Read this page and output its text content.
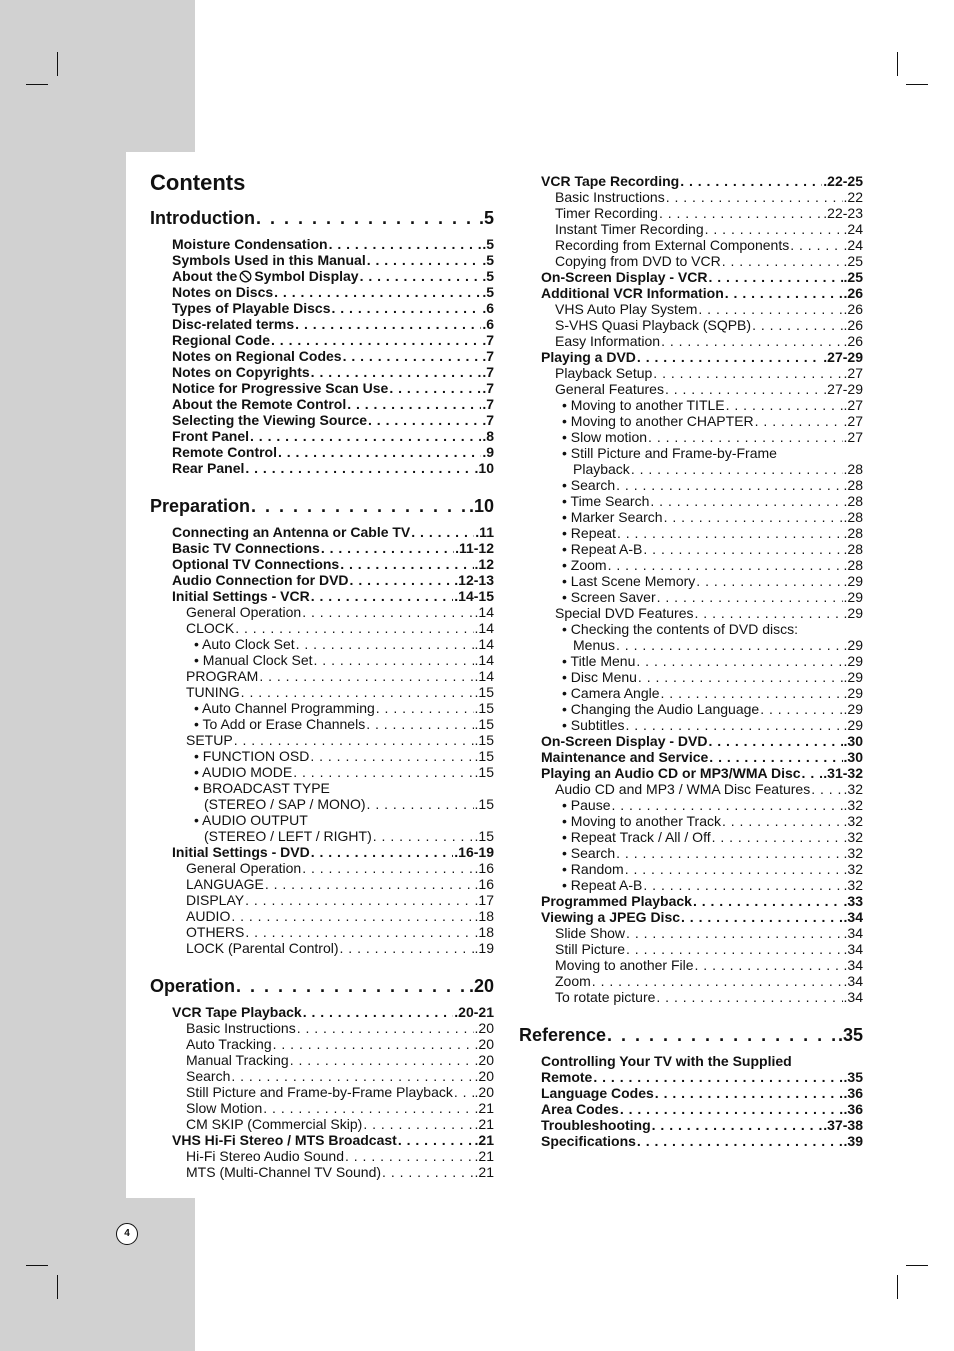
Contents
Introduction . . .	.5
Moisture Condensation . . .	.5
Symbols Used in this Manual . . .	.5
About the Symbol Display . . .	.5
Notes on Discs . . .	.5
Types of Playable Discs . . .	.6
Disc-related terms . . .	.6
Regional Code . . .	.7
Notes on Regional Codes . . .	.7
Notes on Copyrights . . .	.7
Notice for Progressive Scan Use . . .	.7
About the Remote Control . . .	.7
Selecting the Viewing Source . . .	.7
Front Panel . . .	.8
Remote Control . . .	.9
Rear Panel . . .	.10
Preparation . . .	.10
Connecting an Antenna or Cable TV . . .	.11
Basic TV Connections . . .	.11-12
Optional TV Connections . . .	.12
Audio Connection for DVD . . .	.12-13
Initial Settings - VCR . . .	.14-15
General Operation . . .	.14
CLOCK . . .	.14
• Auto Clock Set . . .	.14
• Manual Clock Set . . .	.14
PROGRAM . . .	.14
TUNING . . .	.15
• Auto Channel Programming . . .	.15
• To Add or Erase Channels . . .	.15
SETUP . . .	.15
• FUNCTION OSD . . .	.15
• AUDIO MODE . . .	.15
• BROADCAST TYPE
(STEREO / SAP / MONO) . . .	.15
• AUDIO OUTPUT
(STEREO / LEFT / RIGHT) . . .	.15
Initial Settings - DVD . . .	.16-19
General Operation . . .	.16
LANGUAGE . . .	.16
DISPLAY . . .	.17
AUDIO . . .	.18
OTHERS . . .	.18
LOCK (Parental Control) . . .	.19
Operation . . .	.20
VCR Tape Playback . . .	.20-21
Basic Instructions . . .	.20
Auto Tracking . . .	.20
Manual Tracking . . .	.20
Search . . .	.20
Still Picture and Frame-by-Frame Playback . . . .20
Slow Motion . . .	.21
CM SKIP (Commercial Skip) . . .	.21
VHS Hi-Fi Stereo / MTS Broadcast . . .	.21
Hi-Fi Stereo Audio Sound . . .	.21
MTS (Multi-Channel TV Sound) . . .	.21
VCR Tape Recording . . .	.22-25
Basic Instructions . . .	.22
Timer Recording . . .	.22-23
Instant Timer Recording . . .	.24
Recording from External Components . . .	.24
Copying from DVD to VCR . . .	.25
On-Screen Display - VCR . . .	.25
Additional VCR Information . . .	.26
VHS Auto Play System . . .	.26
S-VHS Quasi Playback (SQPB) . . .	.26
Easy Information . . .	.26
Playing a DVD . . .	.27-29
Playback Setup . . .	.27
General Features . . .	.27-29
• Moving to another TITLE . . .	.27
• Moving to another CHAPTER . . .	.27
• Slow motion . . .	.27
• Still Picture and Frame-by-Frame
Playback . . .	.28
• Search . . .	.28
• Time Search . . .	.28
• Marker Search . . .	.28
• Repeat . . .	.28
• Repeat A-B . . .	.28
• Zoom . . .	.28
• Last Scene Memory . . .	.29
• Screen Saver . . .	.29
Special DVD Features . . .	.29
• Checking the contents of DVD discs:
Menus . . .	.29
• Title Menu . . .	.29
• Disc Menu . . .	.29
• Camera Angle . . .	.29
• Changing the Audio Language . . .	.29
• Subtitles . . .	.29
On-Screen Display - DVD . . .	.30
Maintenance and Service . . .	.30
Playing an Audio CD or MP3/WMA Disc . . . .31-32
Audio CD and MP3 / WMA Disc Features . . . .32
• Pause . . .	.32
• Moving to another Track . . .	.32
• Repeat Track / All / Off . . .	.32
• Search . . .	.32
• Random . . .	.32
• Repeat A-B . . .	.32
Programmed Playback . . .	.33
Viewing a JPEG Disc . . .	.34
Slide Show . . .	.34
Still Picture . . .	.34
Moving to another File . . .	.34
Zoom . . .	.34
To rotate picture . . .	.34
Reference . . .	.35
Controlling Your TV with the Supplied
Remote . . .	.35
Language Codes . . .	.36
Area Codes . . .	.36
Troubleshooting . . .	.37-38
Specifications . . .	.39
4
